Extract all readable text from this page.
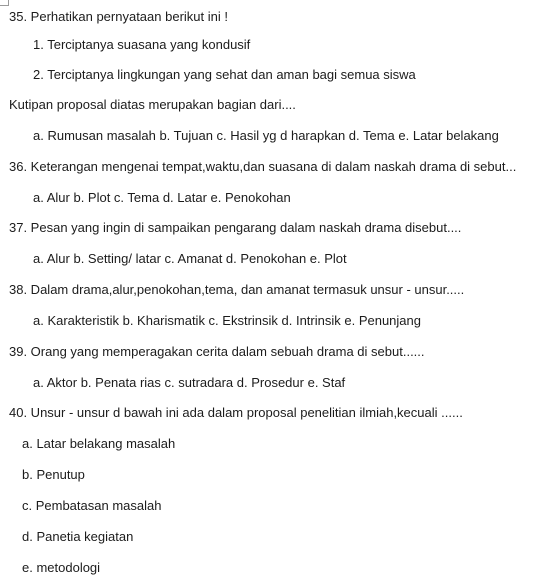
35. Perhatikan pernyataan berikut ini !
1. Terciptanya suasana yang kondusif
2. Terciptanya lingkungan yang sehat dan aman bagi semua siswa
Kutipan proposal diatas merupakan bagian dari....
a. Rumusan masalah b. Tujuan c. Hasil yg d harapkan d. Tema e. Latar belakang
36. Keterangan mengenai tempat,waktu,dan suasana di dalam naskah drama di sebut...
a. Alur b. Plot c. Tema d. Latar e. Penokohan
37. Pesan yang ingin di sampaikan pengarang dalam naskah drama disebut....
a. Alur b. Setting/ latar c. Amanat d. Penokohan e. Plot
38. Dalam drama,alur,penokohan,tema, dan amanat termasuk unsur - unsur.....
a. Karakteristik b. Kharismatik c. Ekstrinsik d. Intrinsik e. Penunjang
39. Orang yang memperagakan cerita dalam sebuah drama di sebut......
a. Aktor b. Penata rias c. sutradara d. Prosedur e. Staf
40. Unsur - unsur d bawah ini ada dalam proposal penelitian ilmiah,kecuali ......
a. Latar belakang masalah
b. Penutup
c. Pembatasan masalah
d. Panetia kegiatan
e. metodologi
